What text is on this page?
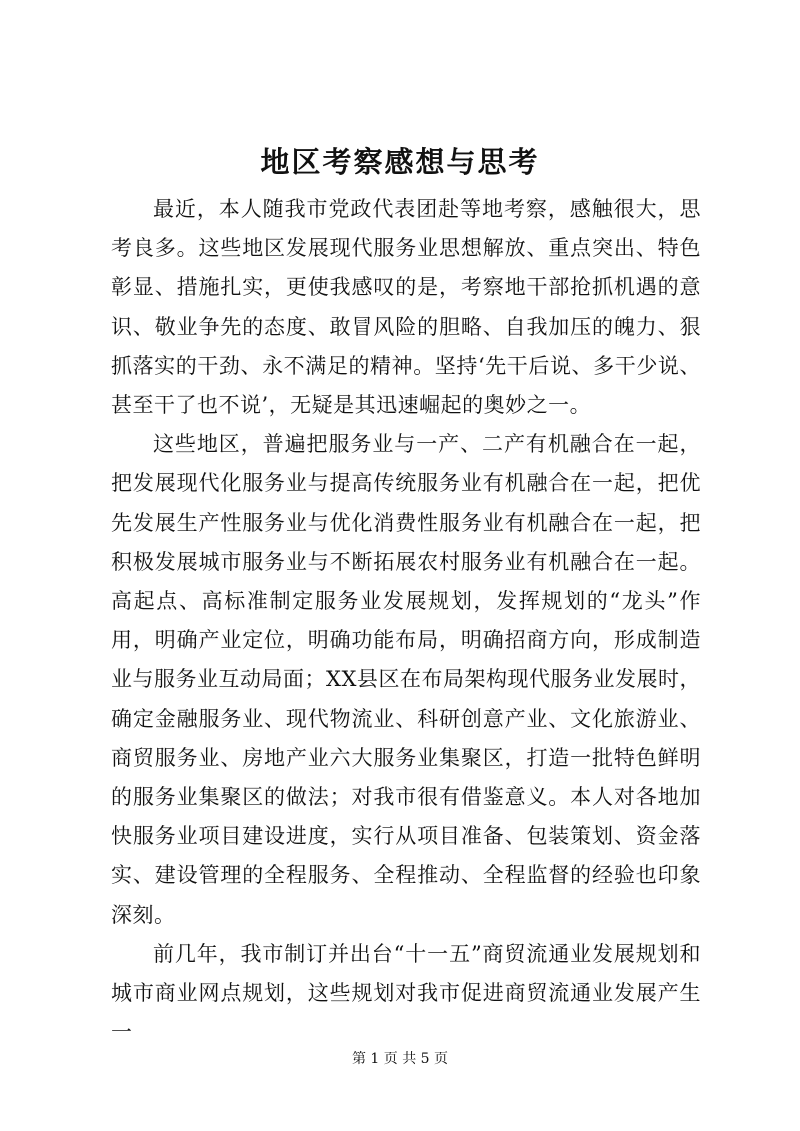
地区考察感想与思考

最近，本人随我市党政代表团赴等地考察，感触很大，思考良多。这些地区发展现代服务业思想解放、重点突出、特色彰显、措施扎实，更使我感叹的是，考察地干部抢抓机遇的意识、敬业争先的态度、敢冒风险的胆略、自我加压的魄力、狠抓落实的干劲、永不满足的精神。坚持‘先干后说、多干少说、甚至干了也不说’，无疑是其迅速崛起的奥妙之一。

这些地区，普遍把服务业与一产、二产有机融合在一起，把发展现代化服务业与提高传统服务业有机融合在一起，把优先发展生产性服务业与优化消费性服务业有机融合在一起，把积极发展城市服务业与不断拓展农村服务业有机融合在一起。高起点、高标准制定服务业发展规划，发挥规划的“龙头”作用，明确产业定位，明确功能布局，明确招商方向，形成制造业与服务业互动局面；XX县区在布局架构现代服务业发展时，确定金融服务业、现代物流业、科研创意产业、文化旅游业、商贸服务业、房地产业六大服务业集聚区，打造一批特色鲜明的服务业集聚区的做法；对我市很有借鉴意义。本人对各地加快服务业项目建设进度，实行从项目准备、包装策划、资金落实、建设管理的全程服务、全程推动、全程监督的经验也印象深刻。

前几年，我市制订并出台“十一五”商贸流通业发展规划和城市商业网点规划，这些规划对我市促进商贸流通业发展产生一

第 1 页 共 5 页
